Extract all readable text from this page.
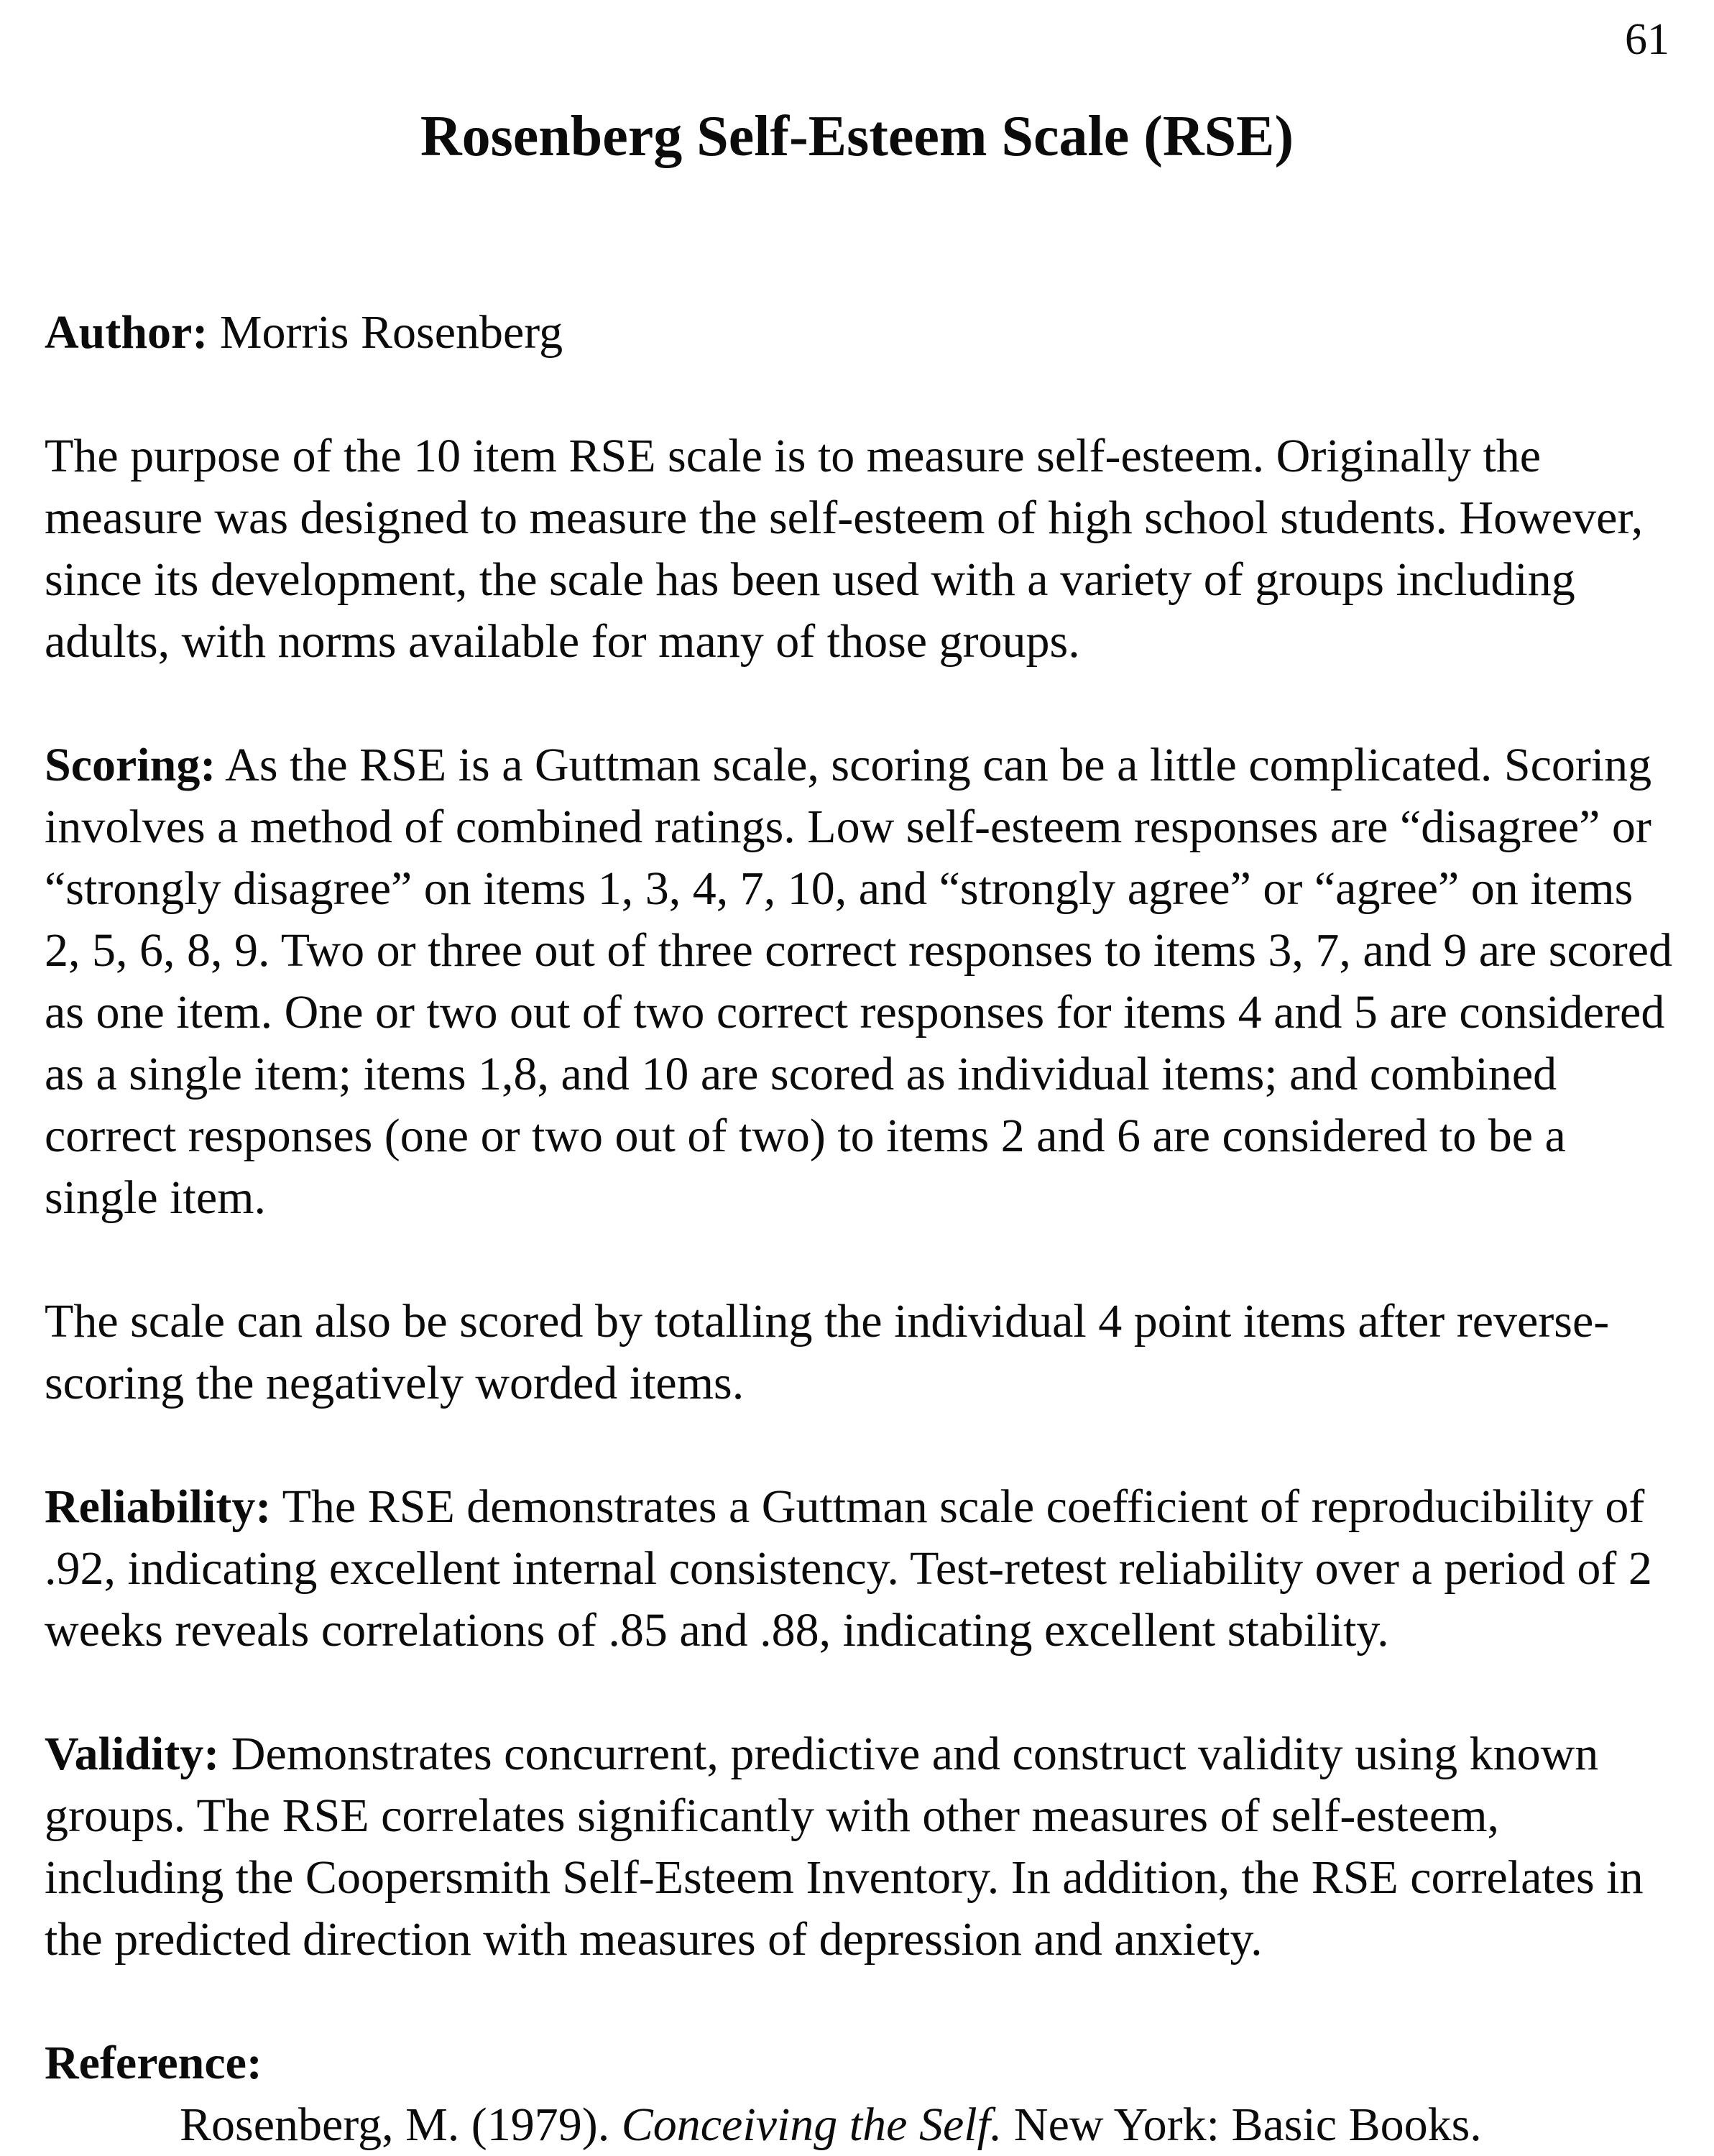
61
Rosenberg Self-Esteem Scale (RSE)

Author: Morris Rosenberg

The purpose of the 10 item RSE scale is to measure self-esteem. Originally the measure was designed to measure the self-esteem of high school students. However, since its development, the scale has been used with a variety of groups including adults, with norms available for many of those groups.

Scoring: As the RSE is a Guttman scale, scoring can be a little complicated. Scoring involves a method of combined ratings. Low self-esteem responses are “disagree” or “strongly disagree” on items 1, 3, 4, 7, 10, and “strongly agree” or “agree” on items 2, 5, 6, 8, 9. Two or three out of three correct responses to items 3, 7, and 9 are scored as one item. One or two out of two correct responses for items 4 and 5 are considered as a single item; items 1,8, and 10 are scored as individual items; and combined correct responses (one or two out of two) to items 2 and 6 are considered to be a single item.

The scale can also be scored by totalling the individual 4 point items after reverse-scoring the negatively worded items.

Reliability: The RSE demonstrates a Guttman scale coefficient of reproducibility of .92, indicating excellent internal consistency. Test-retest reliability over a period of 2 weeks reveals correlations of .85 and .88, indicating excellent stability.

Validity: Demonstrates concurrent, predictive and construct validity using known groups. The RSE correlates significantly with other measures of self-esteem, including the Coopersmith Self-Esteem Inventory. In addition, the RSE correlates in the predicted direction with measures of depression and anxiety.

Reference:

Rosenberg, M. (1979). Conceiving the Self. New York: Basic Books.
